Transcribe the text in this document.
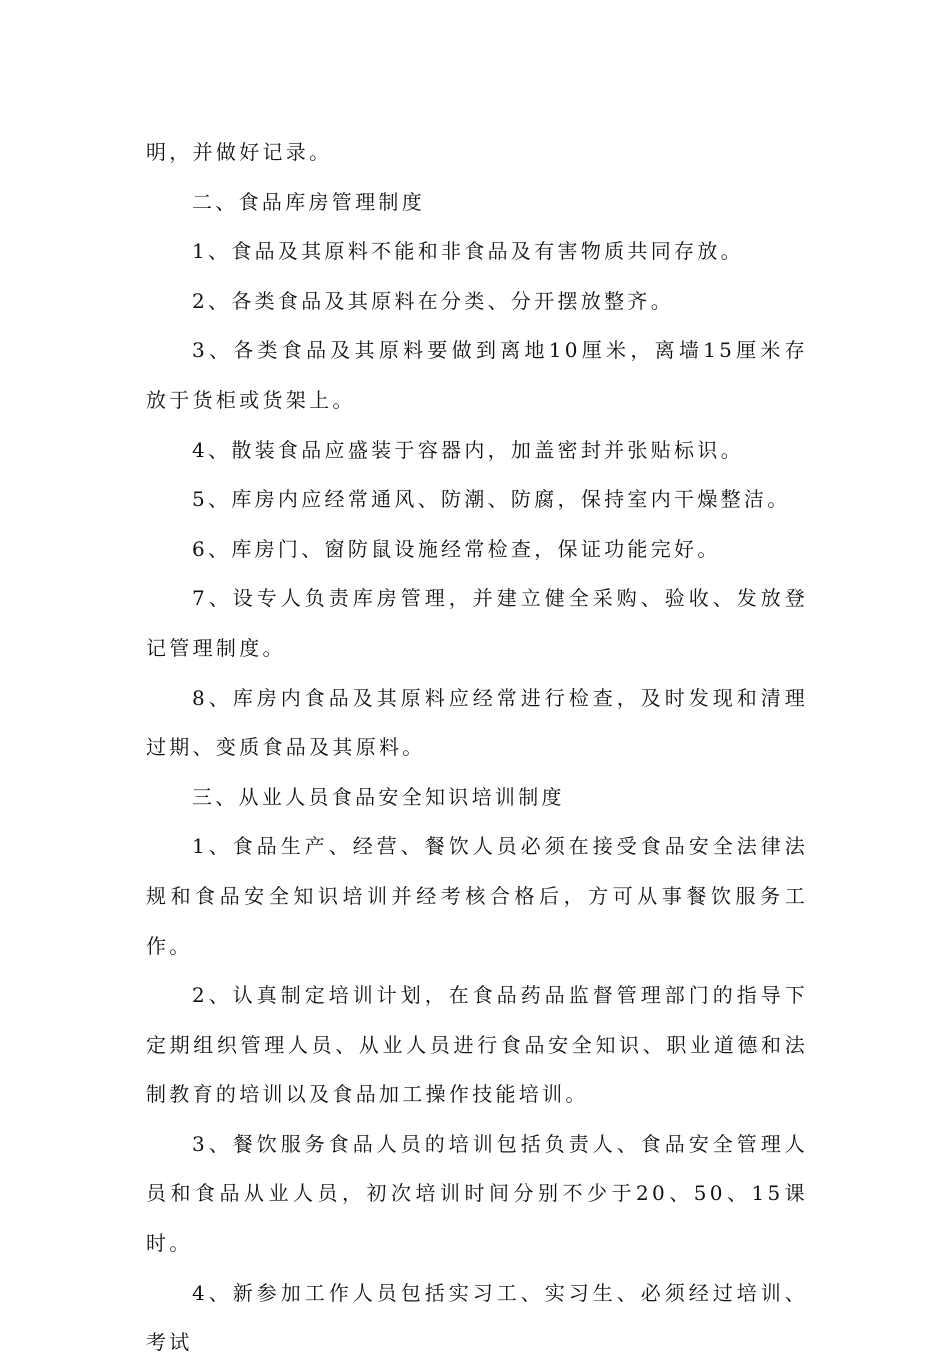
明，并做好记录。

二、食品库房管理制度

1、食品及其原料不能和非食品及有害物质共同存放。

2、各类食品及其原料在分类、分开摆放整齐。

3、各类食品及其原料要做到离地10厘米，离墙15厘米存放于货柜或货架上。

4、散装食品应盛装于容器内，加盖密封并张贴标识。

5、库房内应经常通风、防潮、防腐，保持室内干燥整洁。

6、库房门、窗防鼠设施经常检查，保证功能完好。

7、设专人负责库房管理，并建立健全采购、验收、发放登记管理制度。

8、库房内食品及其原料应经常进行检查，及时发现和清理过期、变质食品及其原料。

三、从业人员食品安全知识培训制度

1、食品生产、经营、餐饮人员必须在接受食品安全法律法规和食品安全知识培训并经考核合格后，方可从事餐饮服务工作。

2、认真制定培训计划，在食品药品监督管理部门的指导下定期组织管理人员、从业人员进行食品安全知识、职业道德和法制教育的培训以及食品加工操作技能培训。

3、餐饮服务食品人员的培训包括负责人、食品安全管理人员和食品从业人员，初次培训时间分别不少于20、50、15课时。

4、新参加工作人员包括实习工、实习生、必须经过培训、考试
